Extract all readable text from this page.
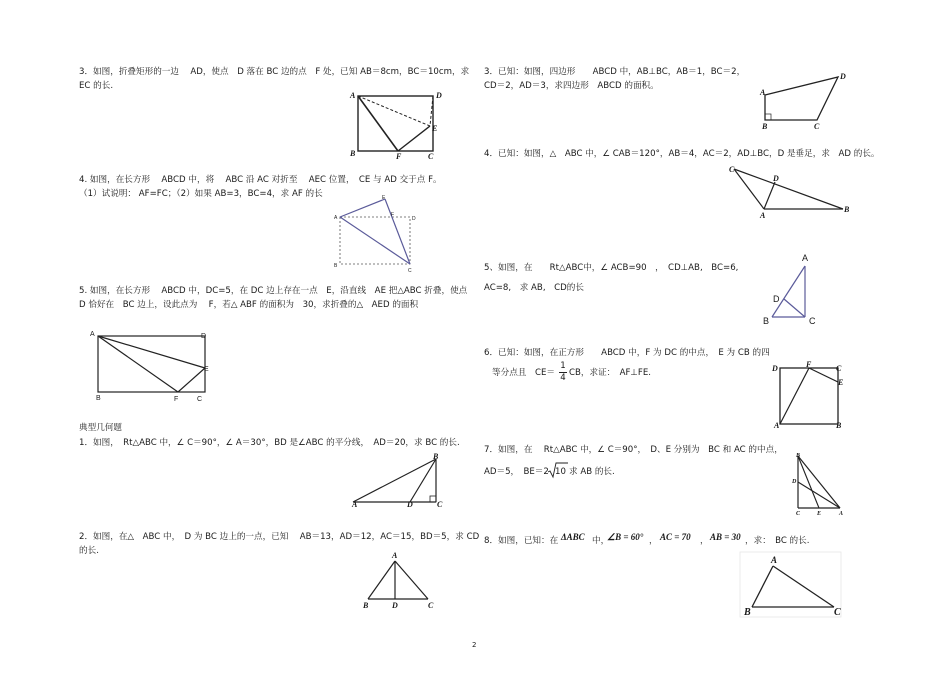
3．如图，折叠矩形的一边　 AD，使点　D 落在 BC 边的点　F 处，已知 AB＝8cm，BC＝10cm，求
EC 的长.
A	D
E
B	F	C
4. 如图，在长方形　 ABCD 中，将　 ABC 沿 AC 对折至　 AEC 位置，　CE 与 AD 交于点 F。
（1）试说明： AF=FC；（2）如果 AB=3，BC=4，求 AF 的长	E
A	F
D
B
C
5. 如图，在长方形　 ABCD 中，DC=5，在 DC 边上存在一点　E，沿直线　AE 把△ABC 折叠，使点
D 恰好在　BC 边上，设此点为　 F，若△ ABF 的面积为　30，求折叠的△　AED 的面积
A	D
E
B	F	C
典型几何题
1．如图，　Rt△ABC 中，∠ C＝90°，∠ A＝30°，BD 是∠ABC 的平分线，　AD＝20，求 BC 的长.
B
A	D	C
2．如图，在△　ABC 中，　D 为 BC 边上的一点，已知　 AB＝13，AD＝12，AC＝15，BD＝5，求 CD
的长.	A
B	D	C
3．已知：如图，四边形　　ABCD 中，AB⊥BC，AB＝1，BC＝2，
CD＝2，AD＝3，求四边形　ABCD 的面积。
A
D
B	C
4．已知：如图，△　ABC 中，∠ CAB＝120°，AB＝4，AC＝2，AD⊥BC，D 是垂足，求　AD 的长。
C
D
A
B
5、如图，在　　Rt△ABC中，∠ ACB=90　，　CD⊥AB,　BC=6,
AC=8,　求 AB,　CD的长
A
D
B	C
6．已知：如图，在正方形　　ABCD 中，F 为 DC 的中点，　E 为 CB 的四
等分点且　CE＝
1
4 CB，求证：　AF⊥FE.	D	F	C
E
A	B
7．如图，在　 Rt△ABC 中，∠ C＝90°，　D、E 分别为　BC 和 AC 的中点，
AD＝5，　BE＝2 10 求 AB 的长.
B
D
C	E	A
8．如图，已知：在 ΔABC 中，
∠B = 60° ， AC = 70 ， AB = 30 ，求：　BC 的长.
A
B	C
2
